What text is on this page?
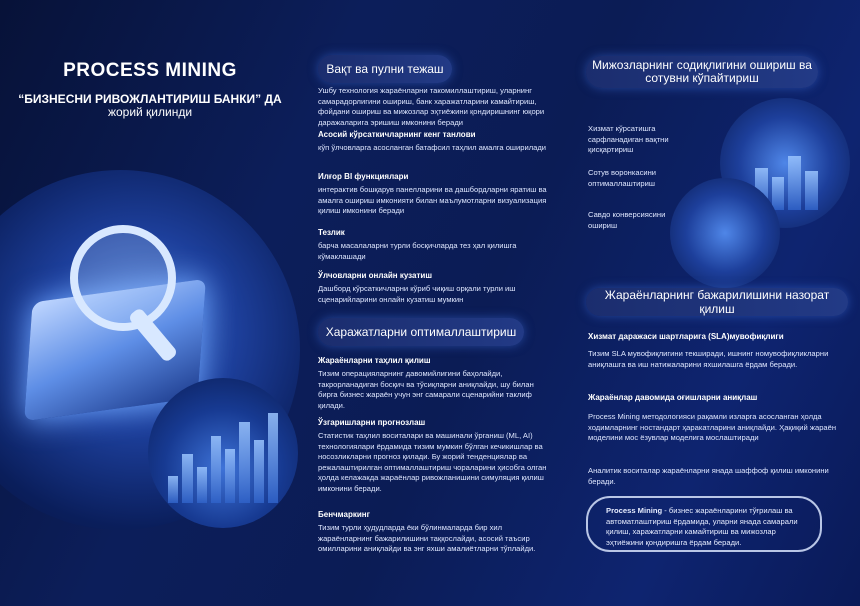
PROCESS MINING
“БИЗНЕСНИ РИВОЖЛАНТИРИШ БАНКИ” ДА
жорий қилинди
Вақт ва пулни тежаш
Ушбу технология жараёнларни такомиллаштириш, уларнинг самарадорлигини ошириш, банк харажатларини камайтириш, фойдани ошириш ва мижозлар эҳтиёжини қондиришнинг юқори даражаларига эришиш имконини беради
Асосий кўрсаткичларнинг кенг танлови
кўп ўлчовларга асосланган батафсил таҳлил амалга оширилади
Илғор BI функциялари
интерактив бошқарув панелларини ва дашбордларни яратиш ва амалга ошириш имконияти билан маълумотларни визуализация қилиш имконини беради
Тезлик
барча масалаларни турли босқичларда тез ҳал қилишга кўмаклашади
Ўлчовларни онлайн кузатиш
Дашборд кўрсаткичларни кўриб чиқиш орқали турли иш сценарийларини онлайн кузатиш мумкин
Харажатларни оптималлаштириш
Жараёнларни таҳлил қилиш
Тизим операцияларнинг давомийлигини баҳолайди, такрорланадиган босқич ва тўсиқларни аниқлайди, шу билан бирга бизнес жараён учун энг самарали сценарийни таклиф қилади.
Ўзгаришларни прогнозлаш
Статистик таҳлил воситалари ва машинали ўрганиш (ML, AI) технологиялари ёрдамида тизим мумкин бўлган кечикишлар ва носозликларни прогноз қилади. Бу жорий тенденциялар ва режалаштирилган оптималлаштириш чораларини ҳисобга олган ҳолда келажакда жараёнлар ривожланишини симуляция қилиш имконини беради.
Бенчмаркинг
Тизим турли ҳудудларда ёки бўлинмаларда бир хил жараёнларнинг бажарилишини таққослайди, асосий таъсир омилларини аниқлайди ва энг яхши амалиётларни тўплайди.
Мижозларнинг содиқлигини ошириш ва сотувни кўпайтириш
Хизмат кўрсатишга сарфланадиган вақтни қисқартириш
Сотув воронкасини оптималлаштириш
Савдо конверсиясини ошириш
Жараёнларнинг бажарилишини назорат қилиш
Хизмат даражаси шартларига (SLA)мувофиқлиги
Тизим SLA мувофиқлигини текширади, ишнинг номувофиқликларни аниқлашга ва иш натижаларини яхшилашга ёрдам беради.
Жараёнлар давомида оғишларни аниқлаш
Process Mining методологияси рақамли изларга асосланган ҳолда ходимларнинг ностандарт ҳаракатларини аниқлайди. Ҳақиқий жараён моделини мос ёзувлар моделига мослаштиради
Аналитик воситалар жараёнларни янада шаффоф қилиш имконини беради.
Process Mining - бизнес жараёнларини тўғрилаш ва автоматлаштириш ёрдамида, уларни янада самарали қилиш, харажатларни камайтириш ва мижозлар эҳтиёжини қондиришга ёрдам беради.
